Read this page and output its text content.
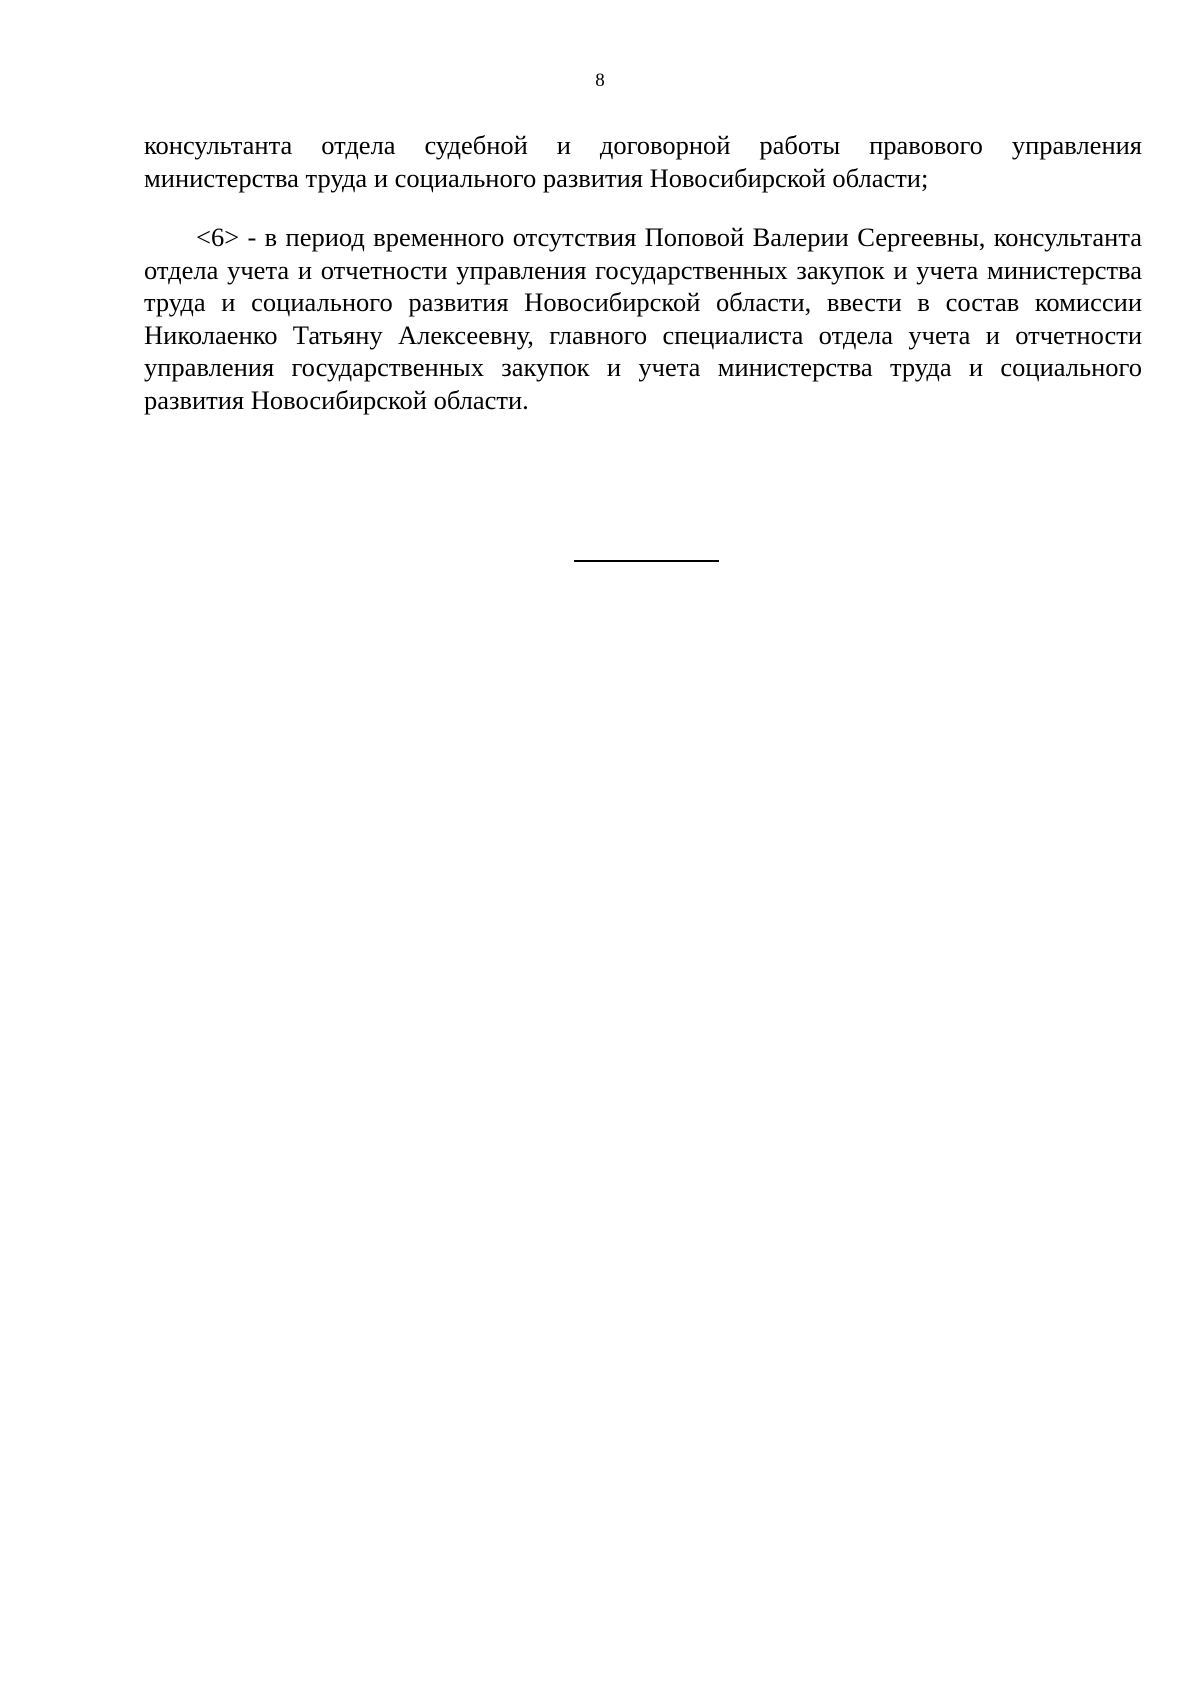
8

консультанта отдела судебной и договорной работы правового управления министерства труда и социального развития Новосибирской области;

<6> - в период временного отсутствия Поповой Валерии Сергеевны, консультанта отдела учета и отчетности управления государственных закупок и учета министерства труда и социального развития Новосибирской области, ввести в состав комиссии Николаенко Татьяну Алексеевну, главного специалиста отдела учета и отчетности управления государственных закупок и учета министерства труда и социального развития Новосибирской области.
